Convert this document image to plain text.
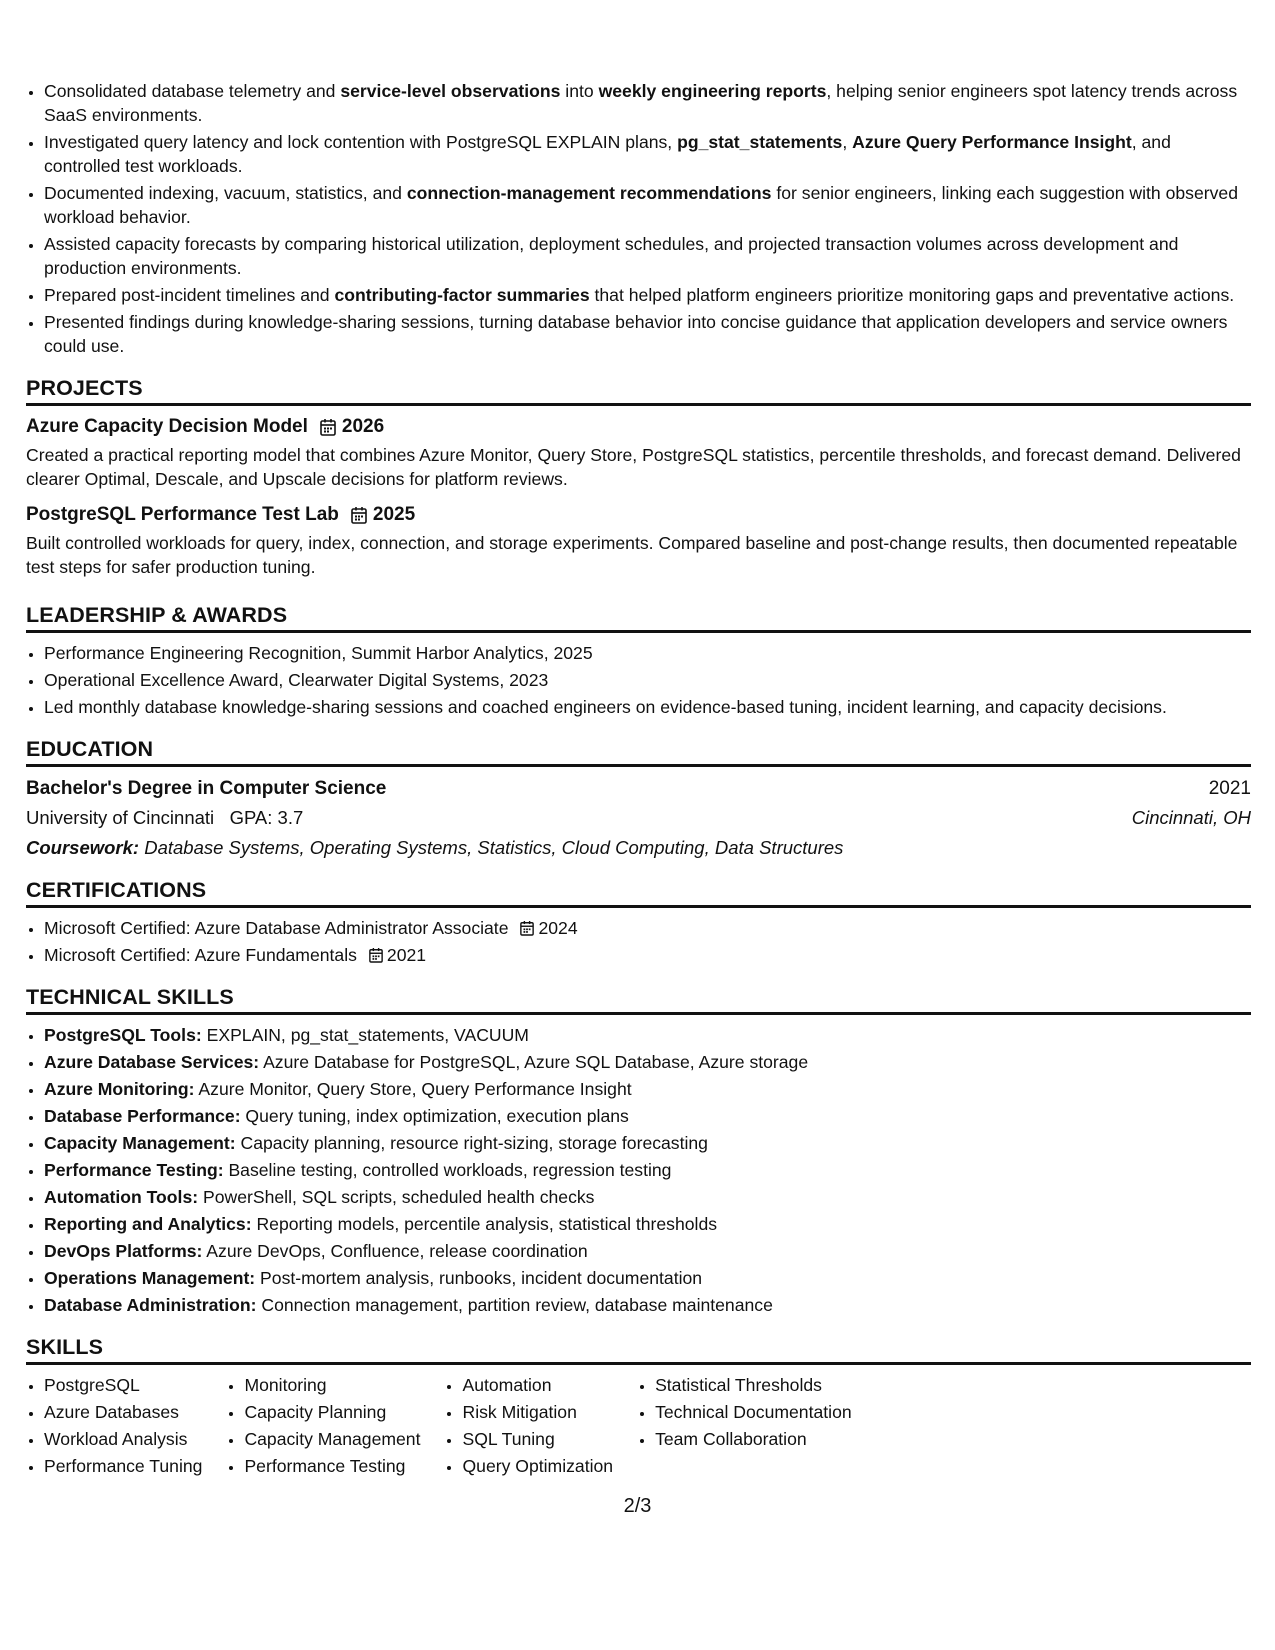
• Consolidated database telemetry and service-level observations into weekly engineering reports, helping senior engineers spot latency trends across SaaS environments.
• Investigated query latency and lock contention with PostgreSQL EXPLAIN plans, pg_stat_statements, Azure Query Performance Insight, and controlled test workloads.
• Documented indexing, vacuum, statistics, and connection-management recommendations for senior engineers, linking each suggestion with observed workload behavior.
• Assisted capacity forecasts by comparing historical utilization, deployment schedules, and projected transaction volumes across development and production environments.
• Prepared post-incident timelines and contributing-factor summaries that helped platform engineers prioritize monitoring gaps and preventative actions.
• Presented findings during knowledge-sharing sessions, turning database behavior into concise guidance that application developers and service owners could use.
PROJECTS
Azure Capacity Decision Model 2026
Created a practical reporting model that combines Azure Monitor, Query Store, PostgreSQL statistics, percentile thresholds, and forecast demand. Delivered clearer Optimal, Descale, and Upscale decisions for platform reviews.
PostgreSQL Performance Test Lab 2025
Built controlled workloads for query, index, connection, and storage experiments. Compared baseline and post-change results, then documented repeatable test steps for safer production tuning.
LEADERSHIP & AWARDS
• Performance Engineering Recognition, Summit Harbor Analytics, 2025
• Operational Excellence Award, Clearwater Digital Systems, 2023
• Led monthly database knowledge-sharing sessions and coached engineers on evidence-based tuning, incident learning, and capacity decisions.
EDUCATION
Bachelor's Degree in Computer Science	2021
University of Cincinnati   GPA: 3.7	Cincinnati, OH
Coursework: Database Systems, Operating Systems, Statistics, Cloud Computing, Data Structures
CERTIFICATIONS
• Microsoft Certified: Azure Database Administrator Associate 2024
• Microsoft Certified: Azure Fundamentals 2021
TECHNICAL SKILLS
• PostgreSQL Tools: EXPLAIN, pg_stat_statements, VACUUM
• Azure Database Services: Azure Database for PostgreSQL, Azure SQL Database, Azure storage
• Azure Monitoring: Azure Monitor, Query Store, Query Performance Insight
• Database Performance: Query tuning, index optimization, execution plans
• Capacity Management: Capacity planning, resource right-sizing, storage forecasting
• Performance Testing: Baseline testing, controlled workloads, regression testing
• Automation Tools: PowerShell, SQL scripts, scheduled health checks
• Reporting and Analytics: Reporting models, percentile analysis, statistical thresholds
• DevOps Platforms: Azure DevOps, Confluence, release coordination
• Operations Management: Post-mortem analysis, runbooks, incident documentation
• Database Administration: Connection management, partition review, database maintenance
SKILLS
• PostgreSQL
• Azure Databases
• Workload Analysis
• Performance Tuning
• Monitoring
• Capacity Planning
• Capacity Management
• Performance Testing
• Automation
• Risk Mitigation
• SQL Tuning
• Query Optimization
• Statistical Thresholds
• Technical Documentation
• Team Collaboration
2/3
